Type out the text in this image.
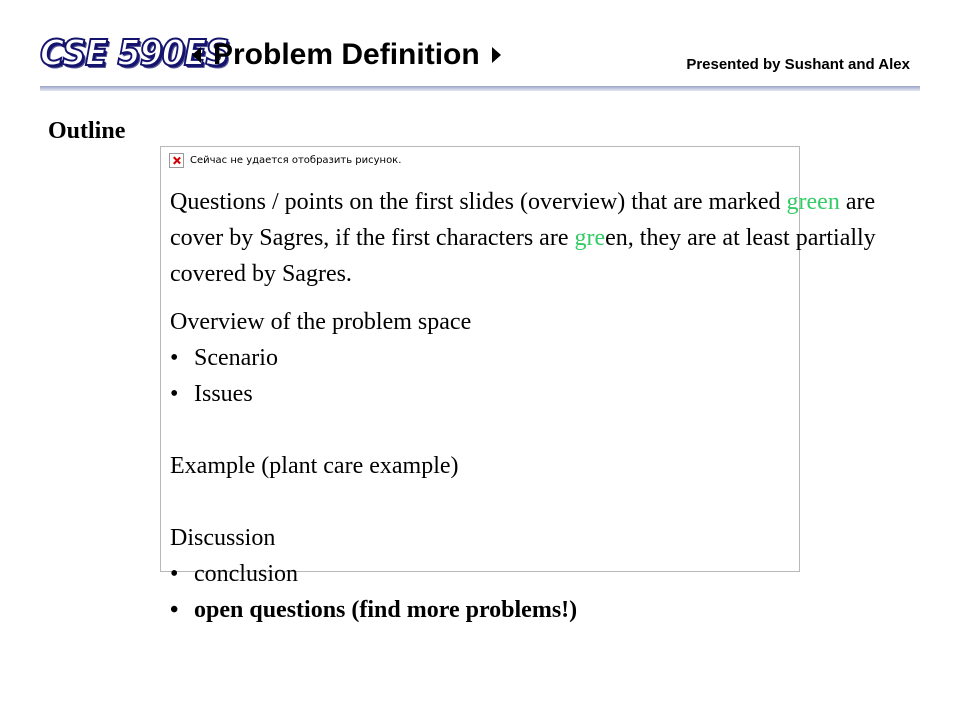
CSE 590ES
Problem Definition	Presented by Sushant and Alex
Outline
Сейчас не удается отобразить рисунок.

Questions / points on the first slides (overview) that are marked green are cover by Sagres, if the first characters are green, they are at least partially covered by Sagres.

Overview of the problem space

• Scenario
• Issues

Example (plant care example)

Discussion

• conclusion
• open questions (find more problems!)
